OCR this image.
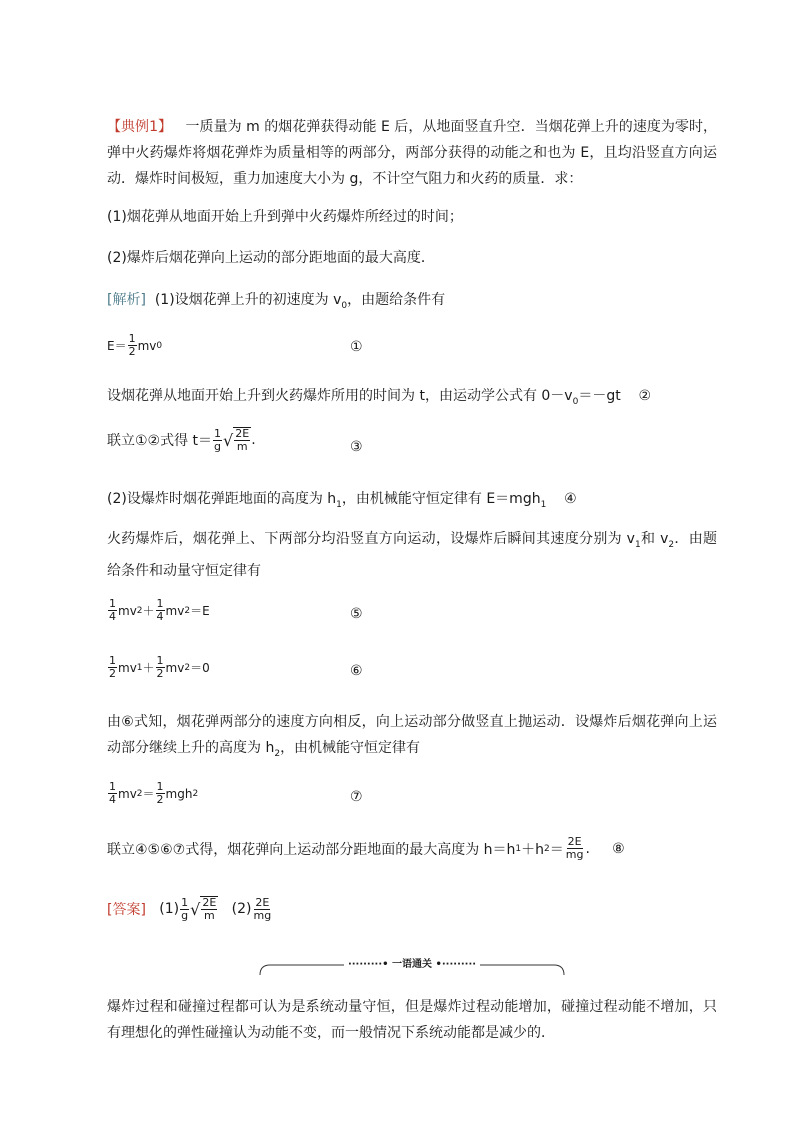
【典例1】 一质量为 m 的烟花弹获得动能 E 后，从地面竖直升空．当烟花弹上升的速度为零时，弹中火药爆炸将烟花弹炸为质量相等的两部分，两部分获得的动能之和也为 E，且均沿竖直方向运动．爆炸时间极短，重力加速度大小为 g，不计空气阻力和火药的质量．求：
(1)烟花弹从地面开始上升到弹中火药爆炸所经过的时间；
(2)爆炸后烟花弹向上运动的部分距地面的最大高度．
[解析] (1)设烟花弹上升的初速度为 $v_0$，由题给条件有
E＝
1
2 mv 0	①
设烟花弹从地面开始上升到火药爆炸所用的时间为 t，由运动学公式有 $0-v_0=-gt$ ②
联立①②式得 t＝ 1
g √ 2E
m .	③
(2)设爆炸时烟花弹距地面的高度为 $h_1$，由机械能守恒定律有 E＝mgh$_1$ ④
火药爆炸后，烟花弹上、下两部分均沿竖直方向运动，设爆炸后瞬间其速度分别为 $v_1$和 $v_2$．由题给条件和动量守恒定律有
1
4 mv 2 ＋
1
4 mv 2 ＝E	⑤
1
2 mv 1 ＋
1
2 mv 2 ＝0	⑥
由⑥式知，烟花弹两部分的速度方向相反，向上运动部分做竖直上抛运动．设爆炸后烟花弹向上运动部分继续上升的高度为 $h_2$，由机械能守恒定律有
1
4 mv 2 ＝
1
2 mgh 2	⑦
联立④⑤⑥⑦式得，烟花弹向上运动部分距地面的最大高度为 h＝h 1 ＋h 2 ＝ 2E
mg . ⑧
[答案]
(1) 1
g √ 2E
m
(2) 2E
mg
·········• 一语通关 •·········
爆炸过程和碰撞过程都可认为是系统动量守恒，但是爆炸过程动能增加，碰撞过程动能不增加，只有理想化的弹性碰撞认为动能不变，而一般情况下系统动能都是减少的．
